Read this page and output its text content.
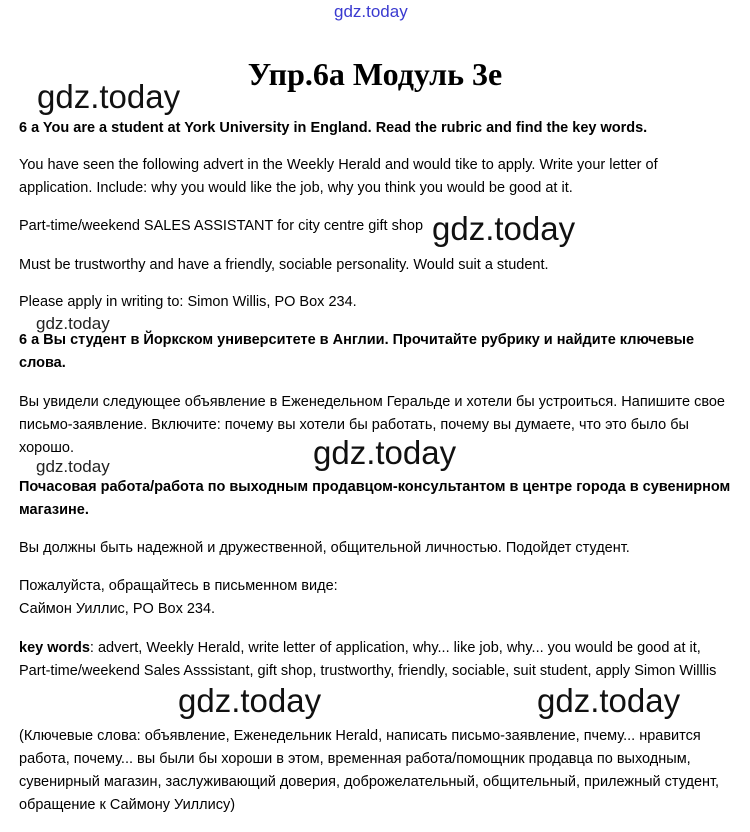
gdz.today
Упр.6а Модуль 3е
gdz.today

6 a You are a student at York University in England. Read the rubric and find the key words.

You have seen the following advert in the Weekly Herald and would tike to apply. Write your letter of application. Include: why you would like the job, why you think you would be good at it.

Part-time/weekend SALES ASSISTANT for city centre gift shop gdz.today

Must be trustworthy and have a friendly, sociable personality. Would suit a student.

Please apply in writing to: Simon Willis, PO Box 234.

gdz.today

6 а Вы студент в Йоркском университете в Англии. Прочитайте рубрику и найдите ключевые слова.

Вы увидели следующее объявление в Еженедельном Геральде и хотели бы устроиться. Напишите свое письмо-заявление. Включите: почему вы хотели бы работать, почему вы думаете, что это было бы хорошо.

gdz.today	gdz.today

Почасовая работа/работа по выходным продавцом-консультантом в центре города в сувенирном магазине.

Вы должны быть надежной и дружественной, общительной личностью. Подойдет студент.

Пожалуйста, обращайтесь в письменном виде:

Саймон Уиллис, PO Box 234.

key words: advert, Weekly Herald, write letter of application, why... like job, why... you would be good at it, Part-time/weekend Sales Asssistant, gift shop, trustworthy, friendly, sociable, suit student, apply Simon Willlis

gdz.today	gdz.today

(Ключевые слова: объявление, Еженедельник Herald, написать письмо-заявление, пчему... нравится работа, почему... вы были бы хороши в этом, временная работа/помощник продавца по выходным, сувенирный магазин, заслуживающий доверия, доброжелательный, общительный, прилежный студент, обращение к Саймону Уиллису)
